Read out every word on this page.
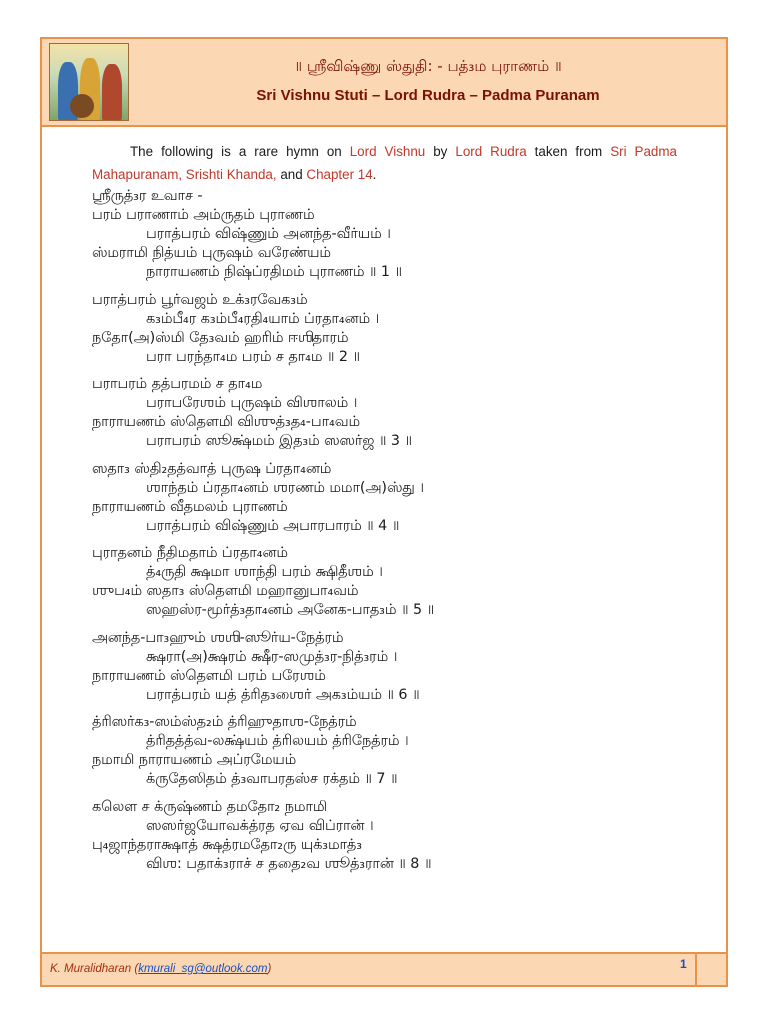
॥ ஶ்ரீவிஷ்ணு ஸ்துதி꞉ - பத்₃ம புராணம் ॥
Sri Vishnu Stuti – Lord Rudra – Padma Puranam
The following is a rare hymn on Lord Vishnu by Lord Rudra taken from Sri Padma Mahapuranam, Srishti Khanda, and Chapter 14.
ஶ்ரீருத்₃ர உவாச -
பரம் பராணாம் அம்ருதம் புராணம்
பராத்பரம் விஷ்ணும் அனந்த-வீர்யம் ।
ஸ்மராமி நித்யம் புருஷம் வரேண்யம்
நாராயணம் நிஷ்ப்ரதிமம் புராணம் ॥ 1 ॥
பராத்பரம் பூர்வஜம் உக்₃ரவேக₃ம்
க₃ம்பீ₄ர க₃ம்பீ₄ரதி₄யாம் ப்ரதா₄னம் ।
நதோ(அ)ஸ்மி தே₃வம் ஹரிம் ஈஶிதாரம்
பரா பரந்தா₄ம பரம் ச தா₄ம ॥ 2 ॥
பராபரம் தத்பரமம் ச தா₄ம
பராபரேஶம் புருஷம் விஶாலம் ।
நாராயணம் ஸ்தௌமி விஶுத்₃த₄-பா₄வம்
பராபரம் ஸூக்ஷ்மம் இத₃ம் ஸஸர்ஜ ॥ 3 ॥
ஸதா₃ ஸ்தி₂தத்வாத் புருஷ ப்ரதா₄னம்
ஶாந்தம் ப்ரதா₄னம் ஶரணம் மமா(அ)ஸ்து ।
நாராயணம் வீதமலம் புராணம்
பராத்பரம் விஷ்ணும் அபாரபாரம் ॥ 4 ॥
புராதனம் நீதிமதாம் ப்ரதா₄னம்
த்₄ருதி க்ஷமா ஶாந்தி பரம் க்ஷிதீஶம் ।
ஶுப₄ம் ஸதா₃ ஸ்தௌமி மஹானுபா₄வம்
ஸஹஸ்ர-மூர்த்₃தா₄னம் அனேக-பாத₃ம் ॥ 5 ॥
அனந்த-பா₃ஹும் ஶஶி-ஸூர்ய-நேத்ரம்
க்ஷரா(அ)க்ஷரம் க்ஷீர-ஸமுத்₃ர-நித்₃ரம் ।
நாராயணம் ஸ்தௌமி பரம் பரேஶம்
பராத்பரம் யத் த்ரித₃ஶைர் அக₃ம்யம் ॥ 6 ॥
த்ரிஸர்க₃-ஸம்ஸ்த₂ம் த்ரிஹுதாஶ-நேத்ரம்
த்ரிதத்த்வ-லக்ஷ்யம் த்ரிலயம் த்ரிநேத்ரம் ।
நமாமி நாராயணம் அப்ரமேயம்
க்ருதேஸிதம் த்₃வாபரதஸ்ச ரக்தம் ॥ 7 ॥
கலௌ ச க்ருஷ்ணம் தமதோ₂ நமாமி
ஸஸர்ஜயோவக்த்ரத ஏவ விப்ரான் ।
பு₄ஜாந்தராக்ஷாத் க்ஷத்ரமதோ₂ரு யுக்₃மாத்₃
விஶ꞉ பதாக்₃ராச் ச ததை₂வ ஶூத்₃ரான் ॥ 8 ॥
K. Muralidharan (kmurali_sg@outlook.com)	1
